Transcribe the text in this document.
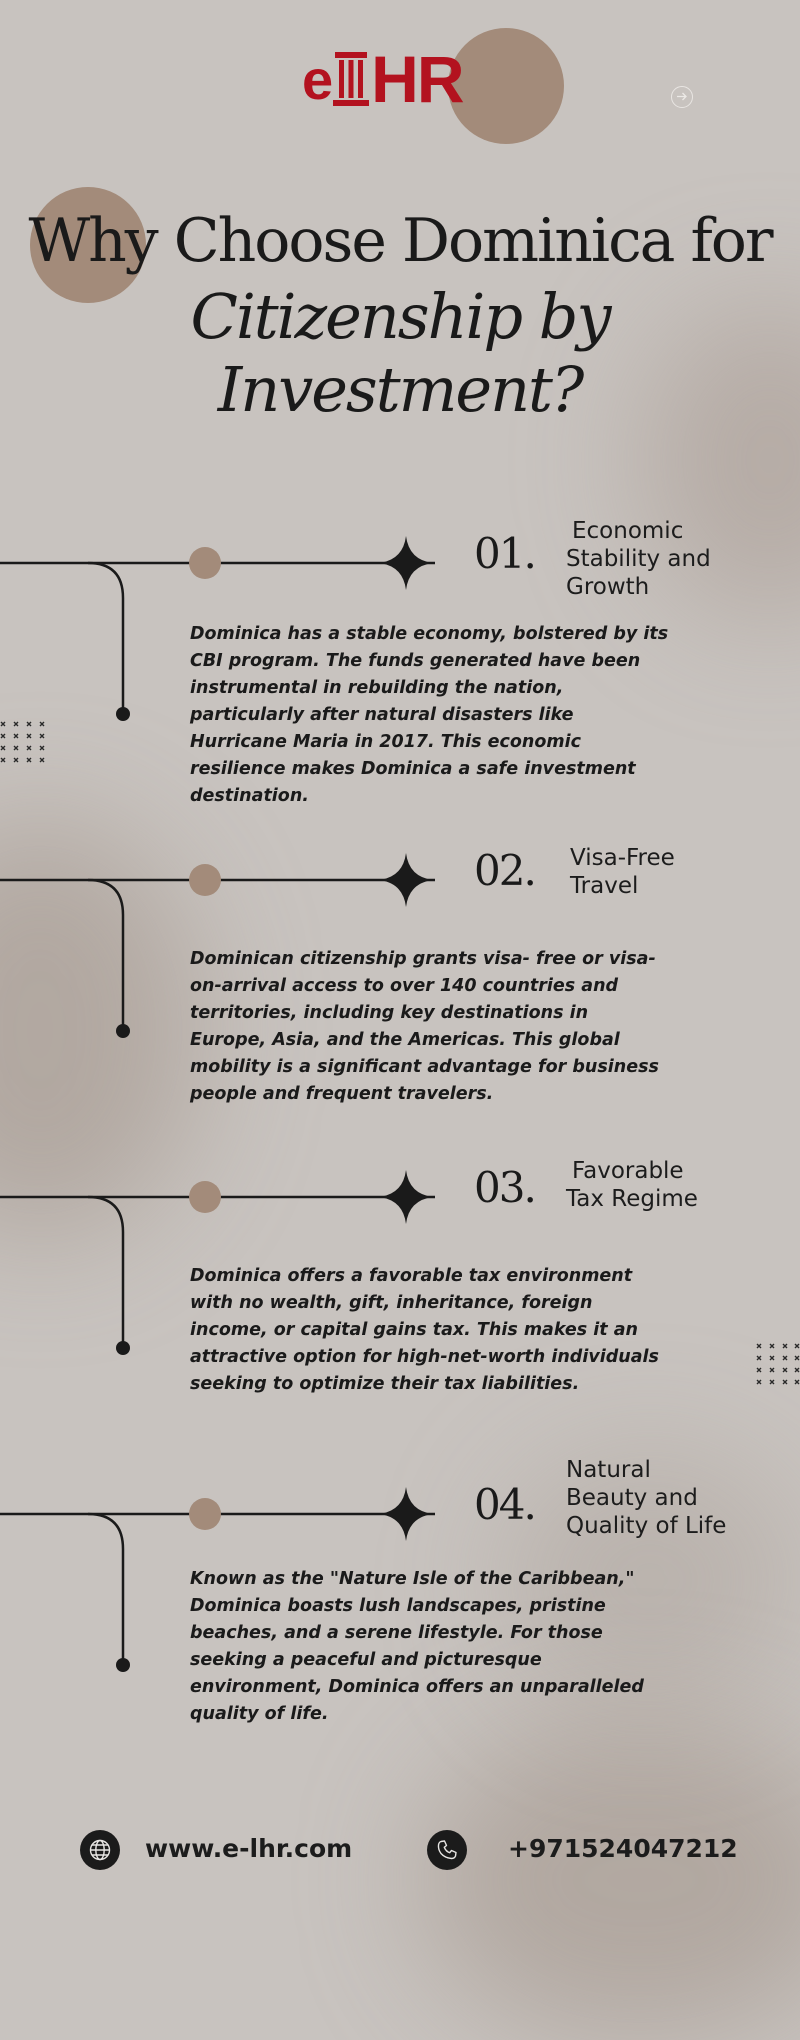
e HR
Why Choose Dominica for
Citizenship by Investment?
01. Economic
Stability and
Growth

Dominica has a stable economy, bolstered by its CBI program. The funds generated have been instrumental in rebuilding the nation, particularly after natural disasters like Hurricane Maria in 2017. This economic resilience makes Dominica a safe investment destination.

02. Visa-Free
Travel

Dominican citizenship grants visa- free or visa-on-arrival access to over 140 countries and territories, including key destinations in Europe, Asia, and the Americas. This global mobility is a significant advantage for business people and frequent travelers.

03. Favorable
Tax Regime

Dominica offers a favorable tax environment with no wealth, gift, inheritance, foreign income, or capital gains tax. This makes it an attractive option for high-net-worth individuals seeking to optimize their tax liabilities.

04.
Natural
Beauty and
Quality of Life

Known as the "Nature Isle of the Caribbean," Dominica boasts lush landscapes, pristine beaches, and a serene lifestyle. For those seeking a peaceful and picturesque environment, Dominica offers an unparalleled quality of life.

www.e-lhr.com	+971524047212
